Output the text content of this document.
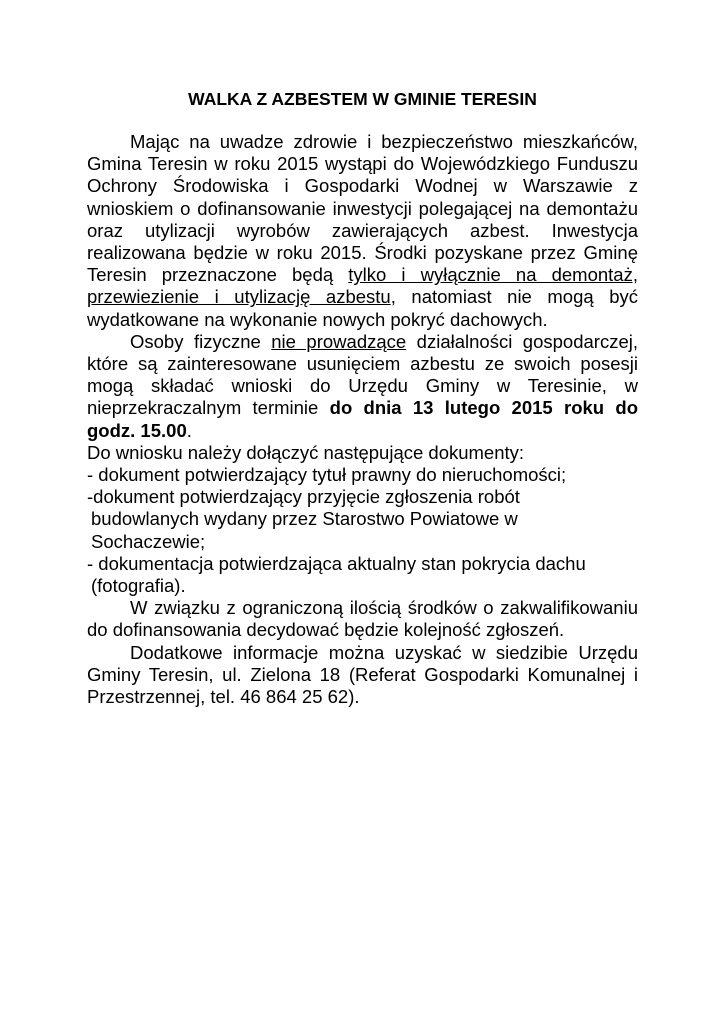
WALKA Z AZBESTEM W GMINIE TERESIN

Mając na uwadze zdrowie i bezpieczeństwo mieszkańców, Gmina Teresin w roku 2015 wystąpi do Wojewódzkiego Funduszu Ochrony Środowiska i Gospodarki Wodnej w Warszawie z wnioskiem o dofinansowanie inwestycji polegającej na demontażu oraz utylizacji wyrobów zawierających azbest. Inwestycja realizowana będzie w roku 2015. Środki pozyskane przez Gminę Teresin przeznaczone będą tylko i wyłącznie na demontaż, przewiezienie i utylizację azbestu, natomiast nie mogą być wydatkowane na wykonanie nowych pokryć dachowych.

Osoby fizyczne nie prowadzące działalności gospodarczej, które są zainteresowane usunięciem azbestu ze swoich posesji mogą składać wnioski do Urzędu Gminy w Teresinie, w nieprzekraczalnym terminie do dnia 13 lutego 2015 roku do godz. 15.00.

Do wniosku należy dołączyć następujące dokumenty:

- dokument potwierdzający tytuł prawny do nieruchomości;

-dokument potwierdzający przyjęcie zgłoszenia robót

budowlanych wydany przez Starostwo Powiatowe w

Sochaczewie;

- dokumentacja potwierdzająca aktualny stan pokrycia dachu

(fotografia).

W związku z ograniczoną ilością środków o zakwalifikowaniu do dofinansowania decydować będzie kolejność zgłoszeń.

Dodatkowe informacje można uzyskać w siedzibie Urzędu Gminy Teresin, ul. Zielona 18 (Referat Gospodarki Komunalnej i Przestrzennej, tel. 46 864 25 62).
